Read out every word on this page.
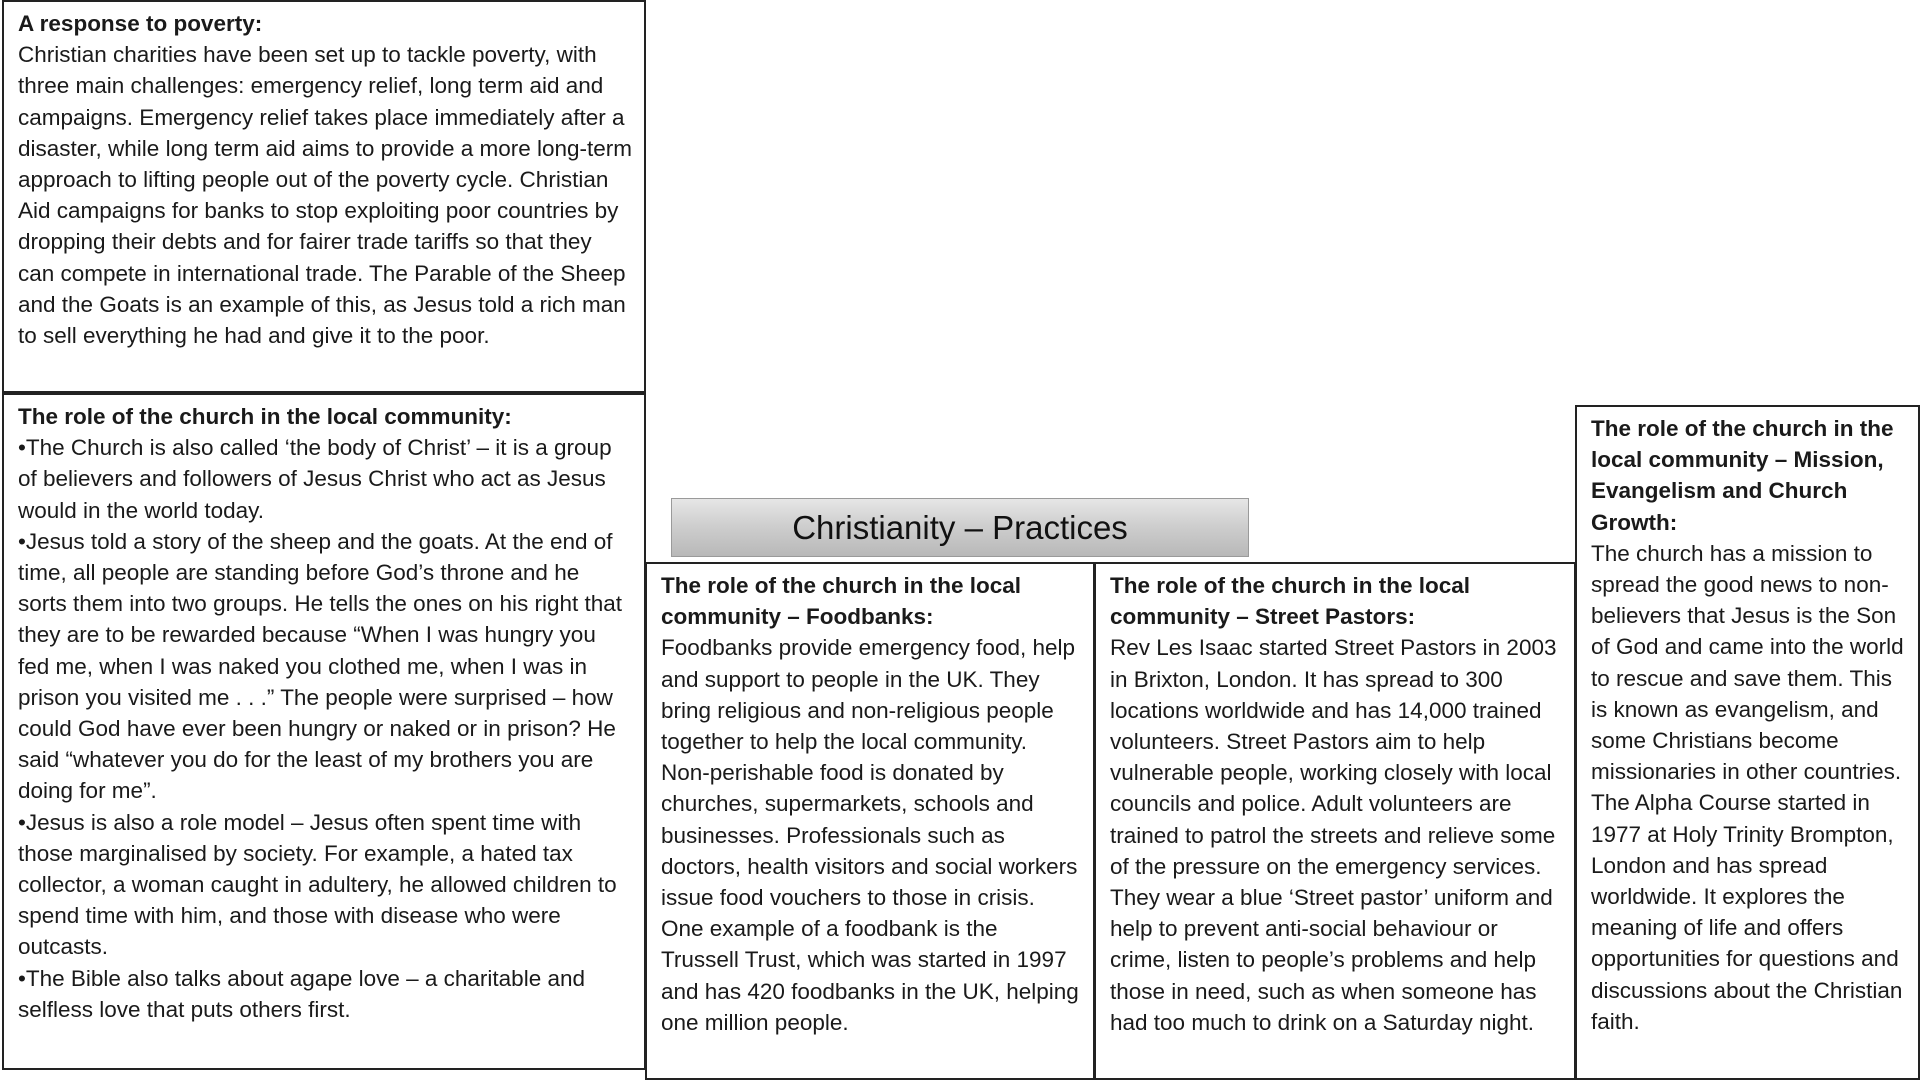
A response to poverty:

Christian charities have been set up to tackle poverty, with three main challenges: emergency relief, long term aid and campaigns. Emergency relief takes place immediately after a disaster, while long term aid aims to provide a more long-term approach to lifting people out of the poverty cycle. Christian Aid campaigns for banks to stop exploiting poor countries by dropping their debts and for fairer trade tariffs so that they can compete in international trade. The Parable of the Sheep and the Goats is an example of this, as Jesus told a rich man to sell everything he had and give it to the poor.

The role of the church in the local community:
•The Church is also called ‘the body of Christ’ – it is a group of believers and followers of Jesus Christ who act as Jesus would in the world today.
•Jesus told a story of the sheep and the goats. At the end of time, all people are standing before God’s throne and he sorts them into two groups. He tells the ones on his right that they are to be rewarded because “When I was hungry you fed me, when I was naked you clothed me, when I was in prison you visited me . . .” The people were surprised – how could God have ever been hungry or naked or in prison? He said “whatever you do for the least of my brothers you are doing for me”.
•Jesus is also a role model – Jesus often spent time with those marginalised by society. For example, a hated tax collector, a woman caught in adultery, he allowed children to spend time with him, and those with disease who were outcasts.
•The Bible also talks about agape love – a charitable and selfless love that puts others first.
Christianity – Practices
The role of the church in the local community – Foodbanks:

Foodbanks provide emergency food, help and support to people in the UK. They bring religious and non-religious people together to help the local community. Non-perishable food is donated by churches, supermarkets, schools and businesses. Professionals such as doctors, health visitors and social workers issue food vouchers to those in crisis. One example of a foodbank is the Trussell Trust, which was started in 1997 and has 420 foodbanks in the UK, helping one million people.

The role of the church in the local community – Street Pastors:

Rev Les Isaac started Street Pastors in 2003 in Brixton, London. It has spread to 300 locations worldwide and has 14,000 trained volunteers. Street Pastors aim to help vulnerable people, working closely with local councils and police. Adult volunteers are trained to patrol the streets and relieve some of the pressure on the emergency services. They wear a blue ‘Street pastor’ uniform and help to prevent anti-social behaviour or crime, listen to people’s problems and help those in need, such as when someone has had too much to drink on a Saturday night.

The role of the church in the local community – Mission, Evangelism and Church Growth:

The church has a mission to spread the good news to non-believers that Jesus is the Son of God and came into the world to rescue and save them. This is known as evangelism, and some Christians become missionaries in other countries. The Alpha Course started in 1977 at Holy Trinity Brompton, London and has spread worldwide. It explores the meaning of life and offers opportunities for questions and discussions about the Christian faith.
